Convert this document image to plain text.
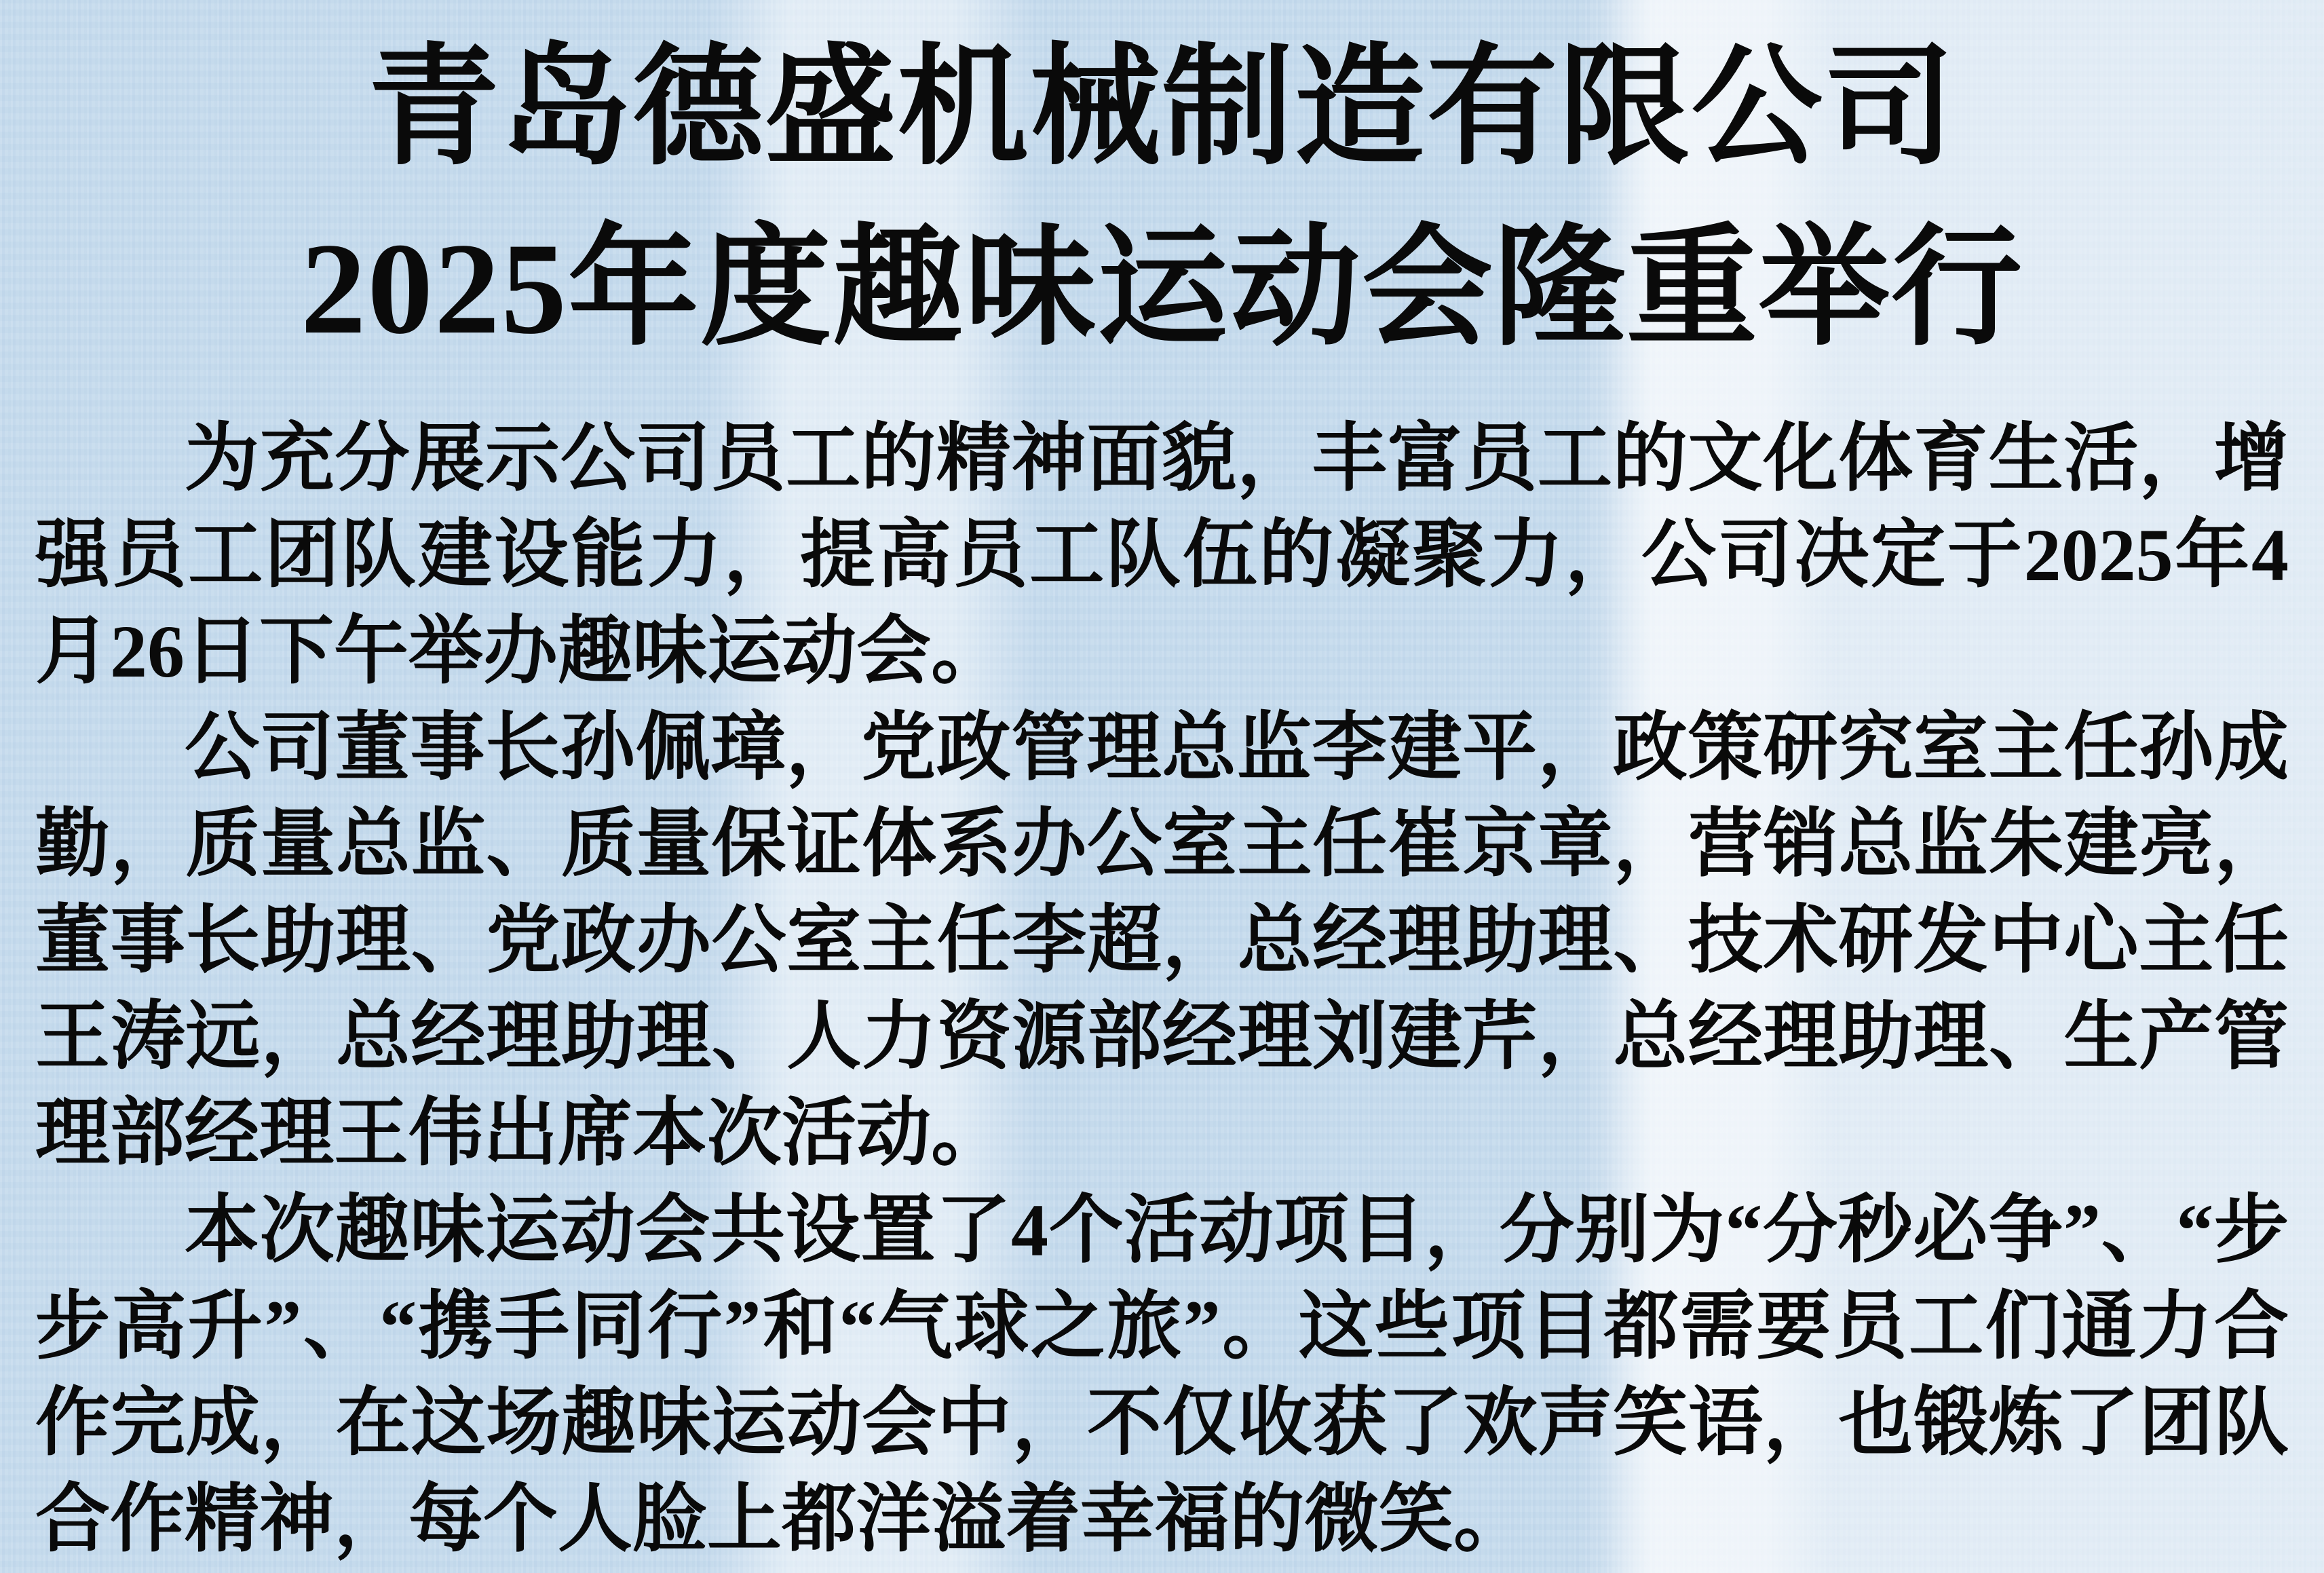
青岛德盛机械制造有限公司
2025年度趣味运动会隆重举行

为充分展示公司员工的精神面貌，丰富员工的文化体育生活，增强员工团队建设能力，提高员工队伍的凝聚力，公司决定于2025年4月26日下午举办趣味运动会。

公司董事长孙佩璋，党政管理总监李建平，政策研究室主任孙成勤，质量总监、质量保证体系办公室主任崔京章，营销总监朱建亮，董事长助理、党政办公室主任李超，总经理助理、技术研发中心主任王涛远，总经理助理、人力资源部经理刘建芹，总经理助理、生产管理部经理王伟出席本次活动。

本次趣味运动会共设置了4个活动项目，分别为“分秒必争”、“步步高升”、“携手同行”和“气球之旅”。这些项目都需要员工们通力合作完成，在这场趣味运动会中，不仅收获了欢声笑语，也锻炼了团队合作精神，每个人脸上都洋溢着幸福的微笑。
